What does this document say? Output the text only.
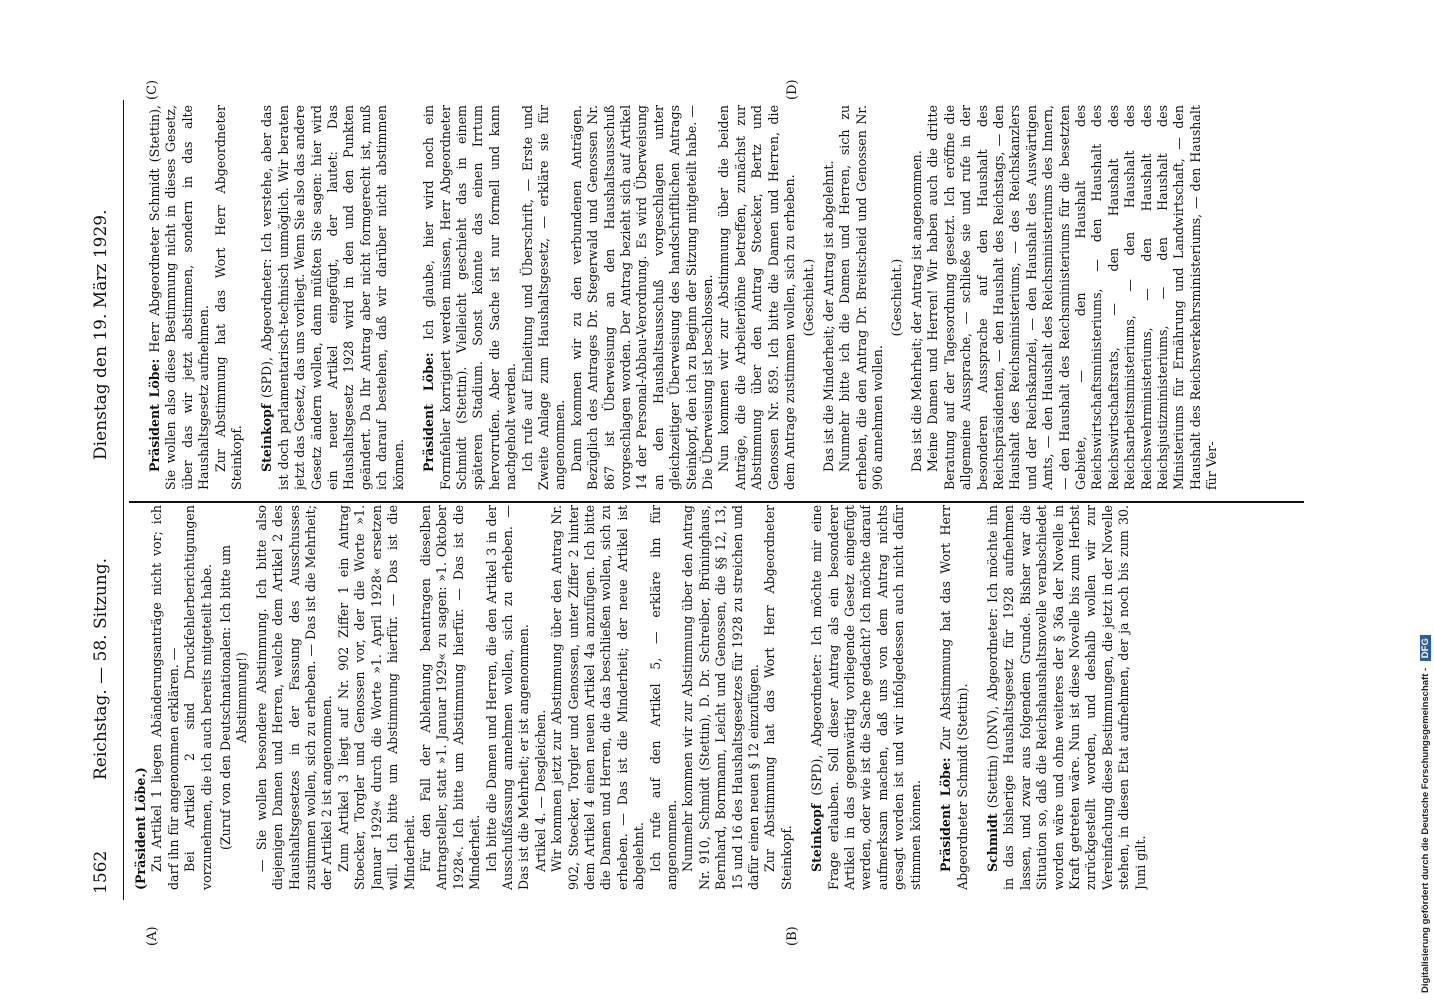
1562
Reichstag. — 58. Sitzung.
Dienstag den 19. März 1929.
(A)	(B)
(C)	(D)

(Präsident Löbe.) Zu Artikel 1 liegen Abänderungsanträge nicht vor; ich darf ihn für angenommen erklären. — Bei Artikel 2 sind Druckfehlerberichtigungen vorzunehmen, die ich auch bereits mitgeteilt habe. (Zuruf von den Deutschnationalen: Ich bitte um Abstimmung!) — Sie wollen besondere Abstimmung. Ich bitte also diejenigen Damen und Herren, welche dem Artikel 2 des Haushaltsgesetzes in der Fassung des Ausschusses zustimmen wollen, sich zu erheben. — Das ist die Mehrheit; der Artikel 2 ist angenommen. Zum Artikel 3 liegt auf Nr. 902 Ziffer 1 ein Antrag Stoecker, Torgler und Genossen vor, der die Worte »1. Januar 1929« durch die Worte »1. April 1928« ersetzen will. Ich bitte um Abstimmung hierfür. — Das ist die Minderheit. Für den Fall der Ablehnung beantragen dieselben Antragsteller, statt »1. Januar 1929« zu sagen: »1. Oktober 1928«. Ich bitte um Abstimmung hierfür. — Das ist die Minderheit. Ich bitte die Damen und Herren, die den Artikel 3 in der Ausschußfassung annehmen wollen, sich zu erheben. — Das ist die Mehrheit; er ist angenommen. Artikel 4. — Desgleichen. Wir kommen jetzt zur Abstimmung über den Antrag Nr. 902, Stoecker, Torgler und Genossen, unter Ziffer 2 hinter dem Artikel 4 einen neuen Artikel 4a anzufügen. Ich bitte die Damen und Herren, die das beschließen wollen, sich zu erheben. — Das ist die Minderheit; der neue Artikel ist abgelehnt. Ich rufe auf den Artikel 5, — erkläre ihn für angenommen. Nunmehr kommen wir zur Abstimmung über den Antrag Nr. 910, Schmidt (Stettin), D. Dr. Schreiber, Brüninghaus, Bernhard, Bornmann, Leicht und Genossen, die §§ 12, 13, 15 und 16 des Haushaltsgesetzes für 1928 zu streichen und dafür einen neuen § 12 einzufügen. Zur Abstimmung hat das Wort Herr Abgeordneter Steinkopf. Steinkopf (SPD), Abgeordneter: Ich möchte mir eine Frage erlauben. Soll dieser Antrag als ein besonderer Artikel in das gegenwärtig vorliegende Gesetz eingefügt werden, oder wie ist die Sache gedacht? Ich möchte darauf aufmerksam machen, daß uns von dem Antrag nichts gesagt worden ist und wir infolgedessen auch nicht dafür stimmen können. Präsident Löbe: Zur Abstimmung hat das Wort Herr Abgeordneter Schmidt (Stettin). Schmidt (Stettin) (DNV), Abgeordneter: Ich möchte ihn in das bisherige Haushaltsgesetz für 1928 aufnehmen lassen, und zwar aus folgendem Grunde. Bisher war die Situation so, daß die Reichshaushaltsnovelle verabschiedet worden wäre und ohne weiteres der § 36a der Novelle in Kraft getreten wäre. Nun ist diese Novelle bis zum Herbst zurückgestellt worden, und deshalb wollen wir zur Vereinfachung diese Bestimmungen, die jetzt in der Novelle stehen, in diesen Etat aufnehmen, der ja noch bis zum 30. Juni gilt.

Präsident Löbe: Herr Abgeordneter Schmidt (Stettin), Sie wollen also diese Bestimmung nicht in dieses Gesetz, über das wir jetzt abstimmen, sondern in das alte Haushaltsgesetz aufnehmen. Zur Abstimmung hat das Wort Herr Abgeordneter Steinkopf. Steinkopf (SPD), Abgeordneter: Ich verstehe, aber das ist doch parlamentarisch-technisch unmöglich. Wir beraten jetzt das Gesetz, das uns vorliegt. Wenn Sie also das andere Gesetz ändern wollen, dann müßten Sie sagen: hier wird ein neuer Artikel eingefügt, der lautet: Das Haushaltsgesetz 1928 wird in den und den Punkten geändert. Da Ihr Antrag aber nicht formgerecht ist, muß ich darauf bestehen, daß wir darüber nicht abstimmen können. Präsident Löbe: Ich glaube, hier wird noch ein Formfehler korrigiert werden müssen, Herr Abgeordneter Schmidt (Stettin). Vielleicht geschieht das in einem späteren Stadium. Sonst könnte das einen Irrtum hervorrufen. Aber die Sache ist nur formell und kann nachgeholt werden. Ich rufe auf Einleitung und Überschrift, — Erste und Zweite Anlage zum Haushaltsgesetz, — erkläre sie für angenommen. Dann kommen wir zu den verbundenen Anträgen. Bezüglich des Antrages Dr. Stegerwald und Genossen Nr. 867 ist Überweisung an den Haushaltsausschuß vorgeschlagen worden. Der Antrag bezieht sich auf Artikel 14 der Personal-Abbau-Verordnung. Es wird Überweisung an den Haushaltsausschuß vorgeschlagen unter gleichzeitiger Überweisung des handschriftlichen Antrags Steinkopf, den ich zu Beginn der Sitzung mitgeteilt habe. — Die Überweisung ist beschlossen. Nun kommen wir zur Abstimmung über die beiden Anträge, die die Arbeiterlöhne betreffen, zunächst zur Abstimmung über den Antrag Stoecker, Bertz und Genossen Nr. 859. Ich bitte die Damen und Herren, die dem Antrage zustimmen wollen, sich zu erheben. (Geschieht.) Das ist die Minderheit; der Antrag ist abgelehnt. Nunmehr bitte ich die Damen und Herren, sich zu erheben, die den Antrag Dr. Breitscheid und Genossen Nr. 906 annehmen wollen.

(Geschieht.) Das ist die Mehrheit; der Antrag ist angenommen. Meine Damen und Herren! Wir haben auch die dritte Beratung auf der Tagesordnung gesetzt. Ich eröffne die allgemeine Aussprache, — schließe sie und rufe in der besonderen Aussprache auf den Haushalt des Reichspräsidenten, — den Haushalt des Reichstags, — den Haushalt des Reichsministeriums, — des Reichskanzlers und der Reichskanzlei, — den Haushalt des Auswärtigen Amts, — den Haushalt des Reichsministeriums des Innern, — den Haushalt des Reichsministeriums für die besetzten Gebiete, — den Haushalt des Reichswirtschaftsministeriums, — den Haushalt des Reichswirtschaftsrats, — den Haushalt des Reichsarbeitsministeriums, — den Haushalt des Reichswehrministeriums, — den Haushalt des Reichsjustizministeriums, — den Haushalt des Ministeriums für Ernährung und Landwirtschaft, — den Haushalt des Reichsverkehrsministeriums, — den Haushalt für Ver-

Digitalisierung gefördert durch die Deutsche Forschungsgemeinschaft - DFG
